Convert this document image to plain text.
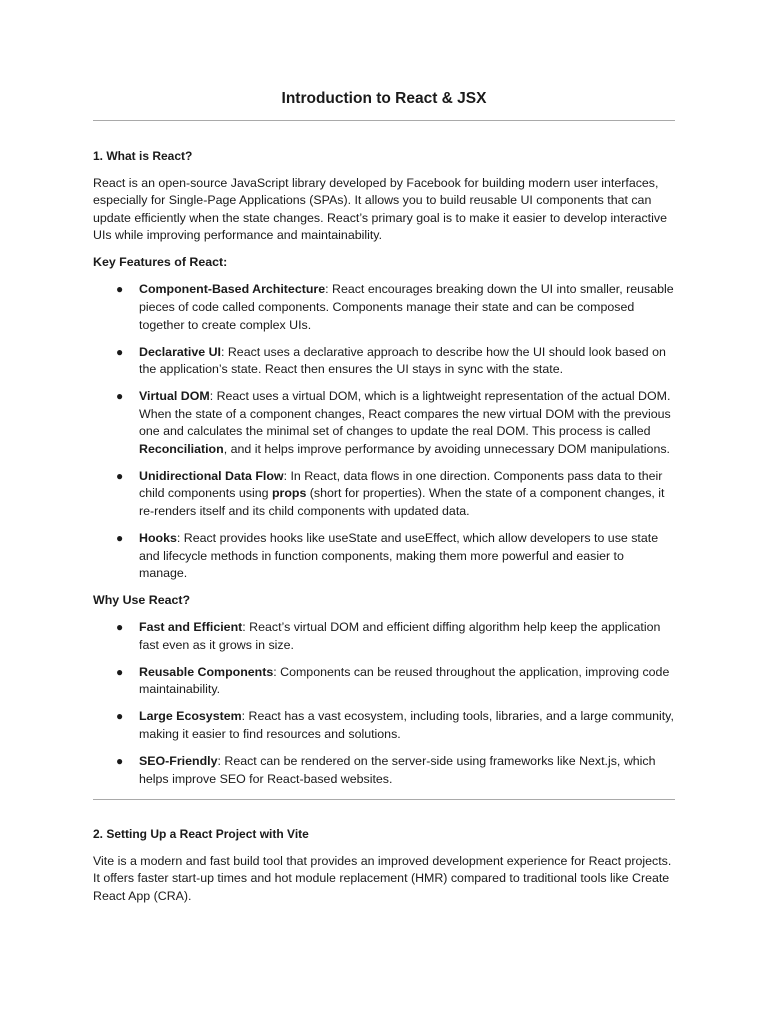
Introduction to React & JSX
1. What is React?

React is an open-source JavaScript library developed by Facebook for building modern user interfaces, especially for Single-Page Applications (SPAs). It allows you to build reusable UI components that can update efficiently when the state changes. React’s primary goal is to make it easier to develop interactive UIs while improving performance and maintainability.

Key Features of React:

● Component-Based Architecture: React encourages breaking down the UI into smaller, reusable pieces of code called components. Components manage their state and can be composed together to create complex UIs.
● Declarative UI: React uses a declarative approach to describe how the UI should look based on the application’s state. React then ensures the UI stays in sync with the state.
● Virtual DOM: React uses a virtual DOM, which is a lightweight representation of the actual DOM. When the state of a component changes, React compares the new virtual DOM with the previous one and calculates the minimal set of changes to update the real DOM. This process is called Reconciliation, and it helps improve performance by avoiding unnecessary DOM manipulations.
● Unidirectional Data Flow: In React, data flows in one direction. Components pass data to their child components using props (short for properties). When the state of a component changes, it re-renders itself and its child components with updated data.
● Hooks: React provides hooks like useState and useEffect, which allow developers to use state and lifecycle methods in function components, making them more powerful and easier to manage.

Why Use React?

● Fast and Efficient: React’s virtual DOM and efficient diffing algorithm help keep the application fast even as it grows in size.
● Reusable Components: Components can be reused throughout the application, improving code maintainability.
● Large Ecosystem: React has a vast ecosystem, including tools, libraries, and a large community, making it easier to find resources and solutions.
● SEO-Friendly: React can be rendered on the server-side using frameworks like Next.js, which helps improve SEO for React-based websites.
2. Setting Up a React Project with Vite

Vite is a modern and fast build tool that provides an improved development experience for React projects. It offers faster start-up times and hot module replacement (HMR) compared to traditional tools like Create React App (CRA).
